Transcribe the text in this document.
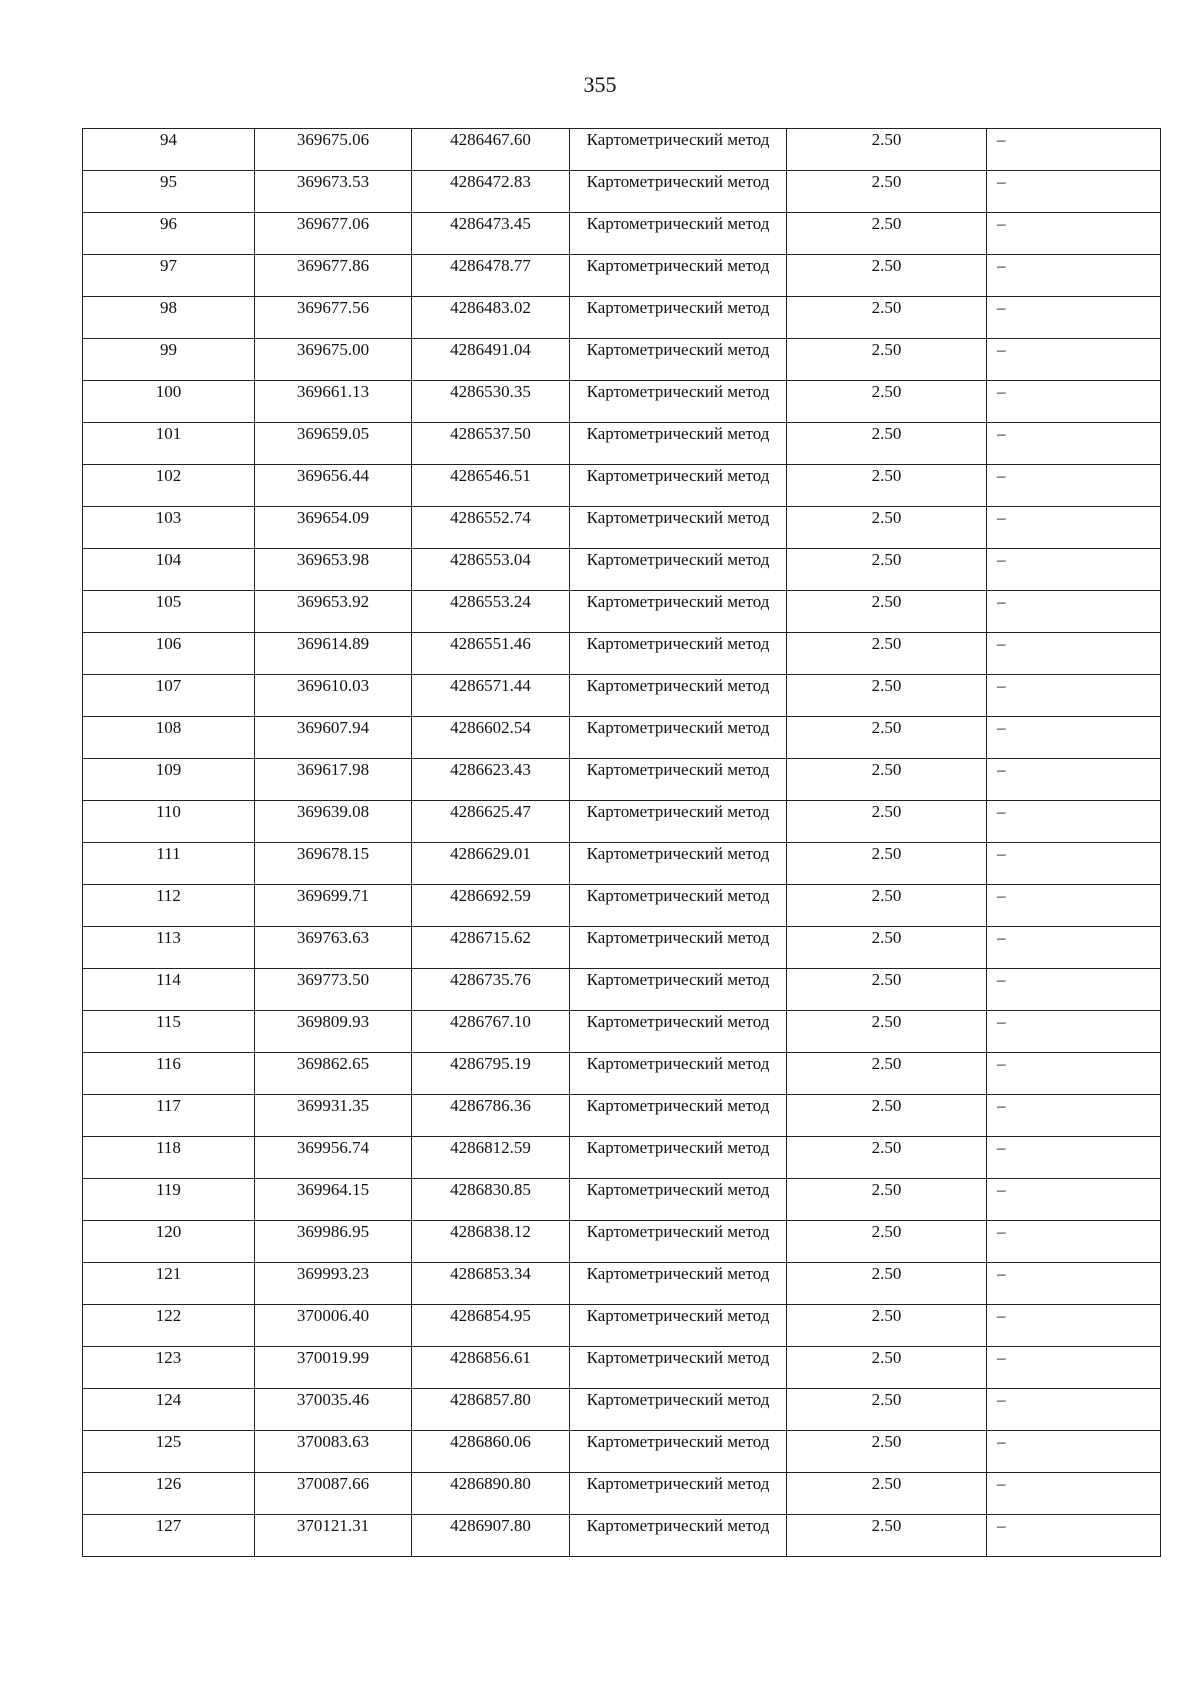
355
94	369675.06	4286467.60	Картометрический метод	2.50	–
95	369673.53	4286472.83	Картометрический метод	2.50	–
96	369677.06	4286473.45	Картометрический метод	2.50	–
97	369677.86	4286478.77	Картометрический метод	2.50	–
98	369677.56	4286483.02	Картометрический метод	2.50	–
99	369675.00	4286491.04	Картометрический метод	2.50	–
100	369661.13	4286530.35	Картометрический метод	2.50	–
101	369659.05	4286537.50	Картометрический метод	2.50	–
102	369656.44	4286546.51	Картометрический метод	2.50	–
103	369654.09	4286552.74	Картометрический метод	2.50	–
104	369653.98	4286553.04	Картометрический метод	2.50	–
105	369653.92	4286553.24	Картометрический метод	2.50	–
106	369614.89	4286551.46	Картометрический метод	2.50	–
107	369610.03	4286571.44	Картометрический метод	2.50	–
108	369607.94	4286602.54	Картометрический метод	2.50	–
109	369617.98	4286623.43	Картометрический метод	2.50	–
110	369639.08	4286625.47	Картометрический метод	2.50	–
111	369678.15	4286629.01	Картометрический метод	2.50	–
112	369699.71	4286692.59	Картометрический метод	2.50	–
113	369763.63	4286715.62	Картометрический метод	2.50	–
114	369773.50	4286735.76	Картометрический метод	2.50	–
115	369809.93	4286767.10	Картометрический метод	2.50	–
116	369862.65	4286795.19	Картометрический метод	2.50	–
117	369931.35	4286786.36	Картометрический метод	2.50	–
118	369956.74	4286812.59	Картометрический метод	2.50	–
119	369964.15	4286830.85	Картометрический метод	2.50	–
120	369986.95	4286838.12	Картометрический метод	2.50	–
121	369993.23	4286853.34	Картометрический метод	2.50	–
122	370006.40	4286854.95	Картометрический метод	2.50	–
123	370019.99	4286856.61	Картометрический метод	2.50	–
124	370035.46	4286857.80	Картометрический метод	2.50	–
125	370083.63	4286860.06	Картометрический метод	2.50	–
126	370087.66	4286890.80	Картометрический метод	2.50	–
127	370121.31	4286907.80	Картометрический метод	2.50	–
